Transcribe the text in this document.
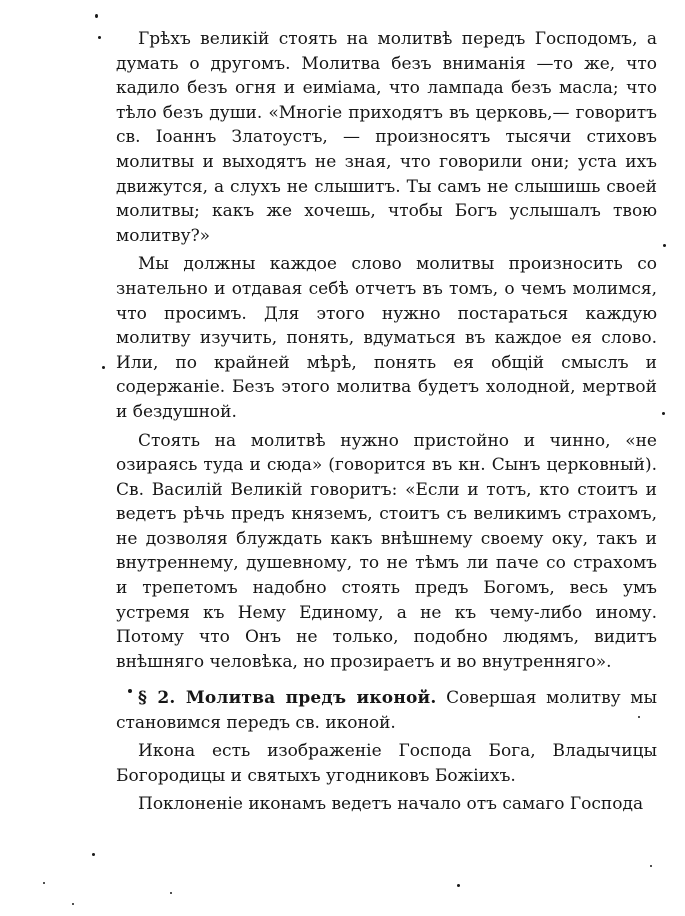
Грѣхъ великій стоять на молитвѣ передъ Господомъ, а думать о другомъ. Молитва безъ вниманія —то же, что кадило безъ огня и еиміама, что лампада безъ масла; что тѣло безъ души. «Многіе приходятъ въ церковь,— говоритъ св. Іоаннъ Златоустъ, — произносятъ тысячи стиховъ молитвы и выходятъ не зная, что говорили они; уста ихъ движутся, а слухъ не слышитъ. Ты самъ не слышишь своей молитвы; какъ же хочешь, чтобы Богъ услышалъ твою молитву?»

Мы должны каждое слово молитвы произносить со знательно и отдавая себѣ отчетъ въ томъ, о чемъ молимся, что просимъ. Для этого нужно постараться каждую молитву изучить, понять, вдуматься въ каждое ея слово. Или, по крайней мѣрѣ, понять ея общій смыслъ и содержаніе. Безъ этого молитва будетъ холодной, мертвой и бездушной.

Стоять на молитвѣ нужно пристойно и чинно, «не озираясь туда и сюда» (говорится въ кн. Сынъ церковный). Св. Василій Великій говоритъ: «Если и тотъ, кто стоитъ и ведетъ рѣчь предъ княземъ, стоитъ съ великимъ страхомъ, не дозволяя блуждать какъ внѣшнему своему оку, такъ и внутреннему, душевному, то не тѣмъ ли паче со страхомъ и трепетомъ надобно стоять предъ Богомъ, весь умъ устремя къ Нему Единому, а не къ чему-либо иному. Потому что Онъ не только, подобно людямъ, видитъ внѣшняго человѣка, но прозираетъ и во внутренняго».

§ 2. Молитва предъ иконой. Совершая молитву мы становимся передъ св. иконой.

Икона есть изображеніе Господа Бога, Владычицы Богородицы и святыхъ угодниковъ Божіихъ.

Поклоненіе иконамъ ведетъ начало отъ самаго Господа
